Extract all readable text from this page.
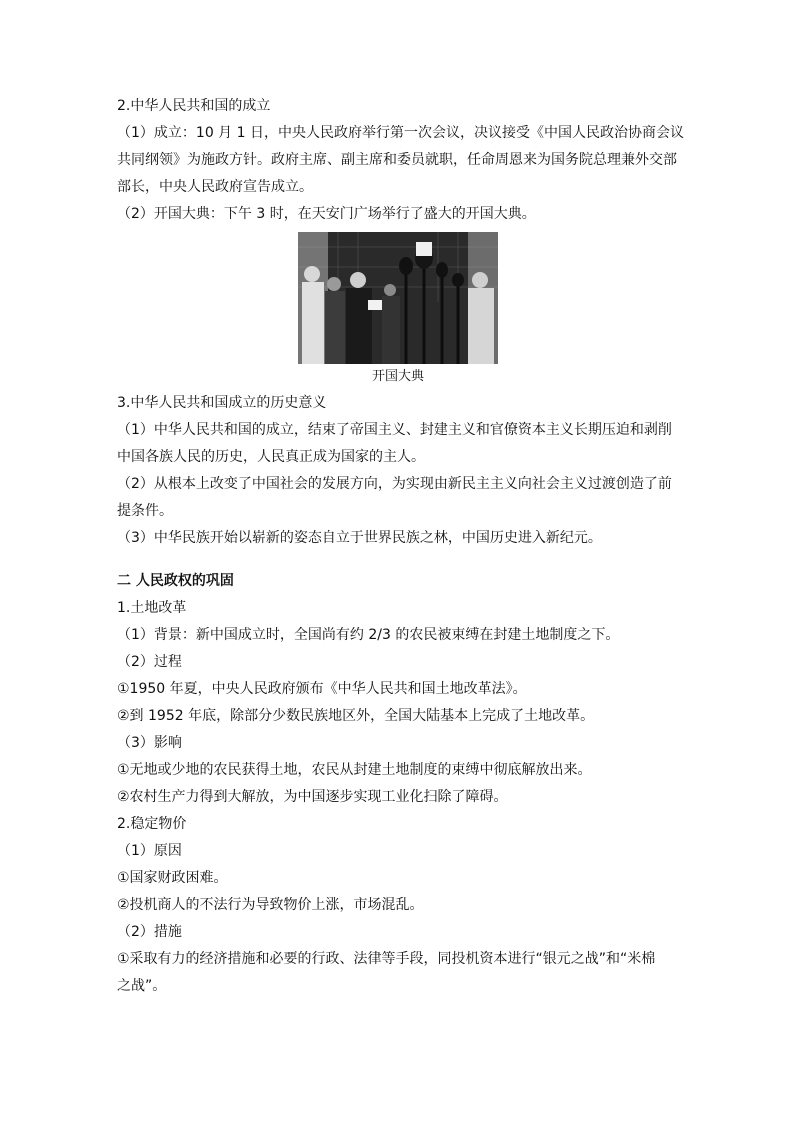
2.中华人民共和国的成立
（1）成立：10 月 1 日，中央人民政府举行第一次会议，决议接受《中国人民政治协商会议
共同纲领》为施政方针。政府主席、副主席和委员就职，任命周恩来为国务院总理兼外交部
部长，中央人民政府宣告成立。
（2）开国大典：下午 3 时，在天安门广场举行了盛大的开国大典。
开国大典
3.中华人民共和国成立的历史意义
（1）中华人民共和国的成立，结束了帝国主义、封建主义和官僚资本主义长期压迫和剥削
中国各族人民的历史，人民真正成为国家的主人。
（2）从根本上改变了中国社会的发展方向，为实现由新民主主义向社会主义过渡创造了前
提条件。
（3）中华民族开始以崭新的姿态自立于世界民族之林，中国历史进入新纪元。
二 人民政权的巩固
1.土地改革
（1）背景：新中国成立时，全国尚有约 2/3 的农民被束缚在封建土地制度之下。
（2）过程
①1950 年夏，中央人民政府颁布《中华人民共和国土地改革法》。
②到 1952 年底，除部分少数民族地区外，全国大陆基本上完成了土地改革。
（3）影响
①无地或少地的农民获得土地，农民从封建土地制度的束缚中彻底解放出来。
②农村生产力得到大解放，为中国逐步实现工业化扫除了障碍。
2.稳定物价
（1）原因
①国家财政困难。
②投机商人的不法行为导致物价上涨，市场混乱。
（2）措施
①采取有力的经济措施和必要的行政、法律等手段，同投机资本进行“银元之战”和“米棉
之战”。
